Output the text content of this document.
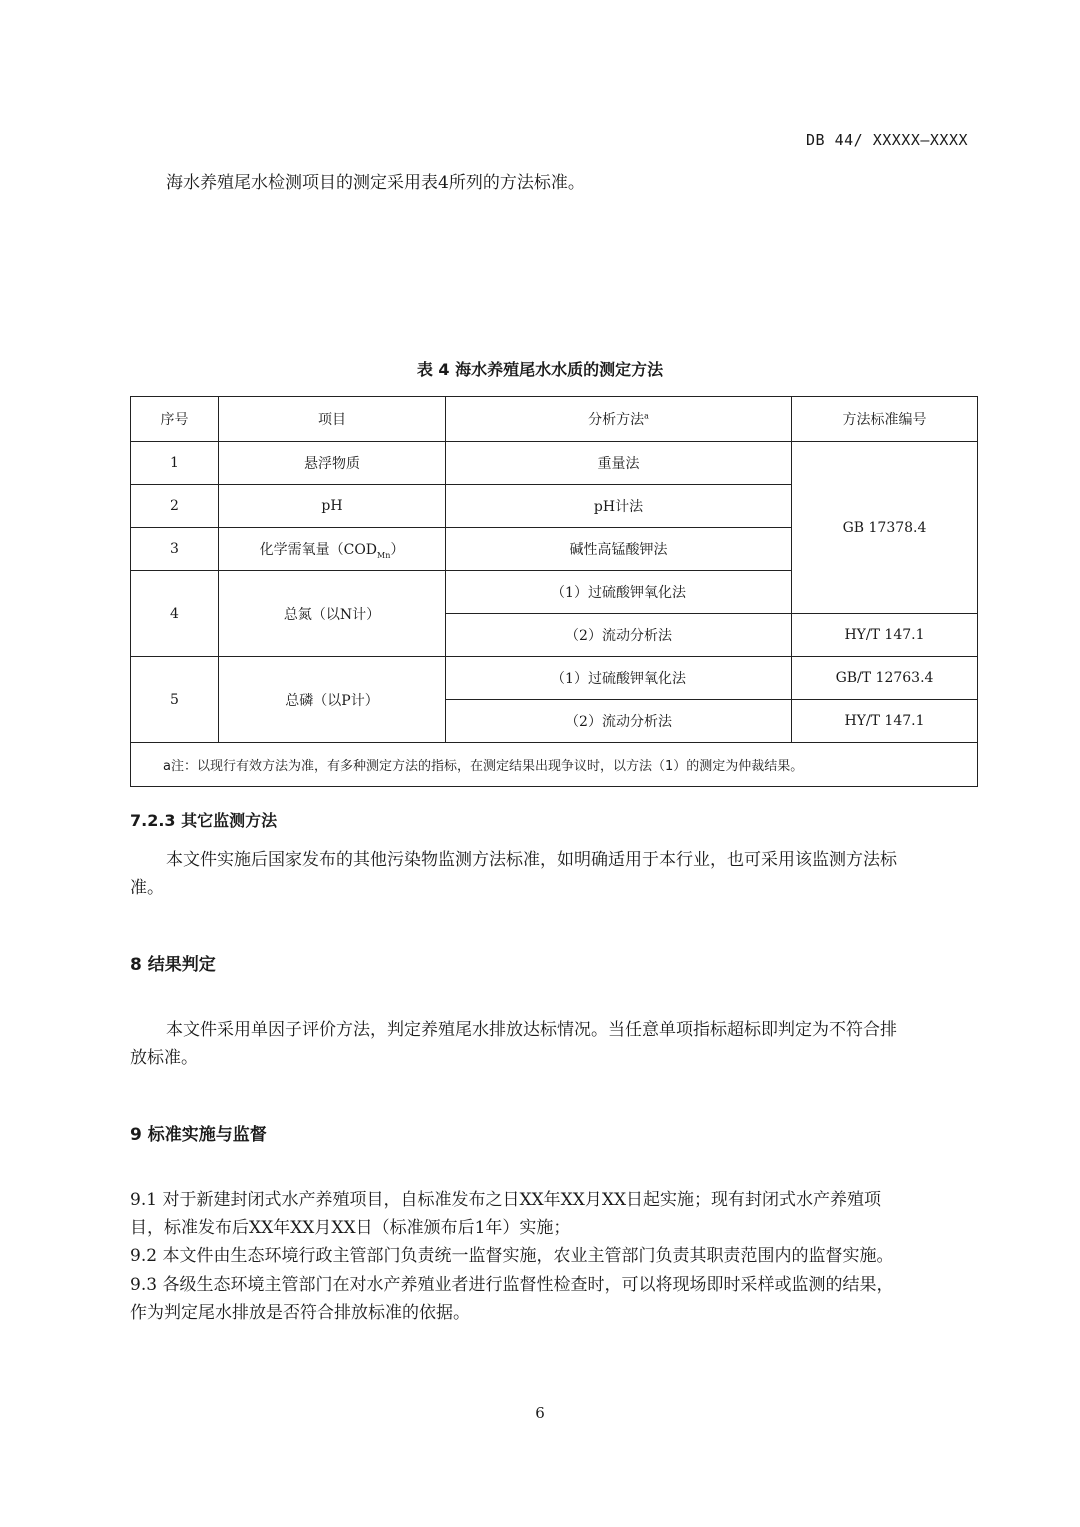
DB 44/ XXXXX—XXXX
海水养殖尾水检测项目的测定采用表4所列的方法标准。
表 4 海水养殖尾水水质的测定方法
序号	项目	分析方法$^a$	方法标准编号
1	悬浮物质	重量法	GB 17378.4
2	pH	pH计法	
3	化学需氧量$(COD_{Mn})$	碱性高锰酸钾法	
4	总氮（以N计）	（1）过硫酸钾氧化法	
		（2）流动分析法	HY/T 147.1
5	总磷（以P计）	（1）过硫酸钾氧化法	GB/T 12763.4
		（2）流动分析法	HY/T 147.1
a注：以现行有效方法为准，有多种测定方法的指标，在测定结果出现争议时，以方法（1）的测定为仲裁结果。			
7.2.3 其它监测方法
本文件实施后国家发布的其他污染物监测方法标准，如明确适用于本行业，也可采用该监测方法标
准。
8 结果判定
本文件采用单因子评价方法，判定养殖尾水排放达标情况。当任意单项指标超标即判定为不符合排
放标准。
9 标准实施与监督
9.1 对于新建封闭式水产养殖项目，自标准发布之日XX年XX月XX日起实施；现有封闭式水产养殖项
目，标准发布后XX年XX月XX日（标准颁布后1年）实施；
9.2 本文件由生态环境行政主管部门负责统一监督实施，农业主管部门负责其职责范围内的监督实施。
9.3 各级生态环境主管部门在对水产养殖业者进行监督性检查时，可以将现场即时采样或监测的结果，
作为判定尾水排放是否符合排放标准的依据。
6
